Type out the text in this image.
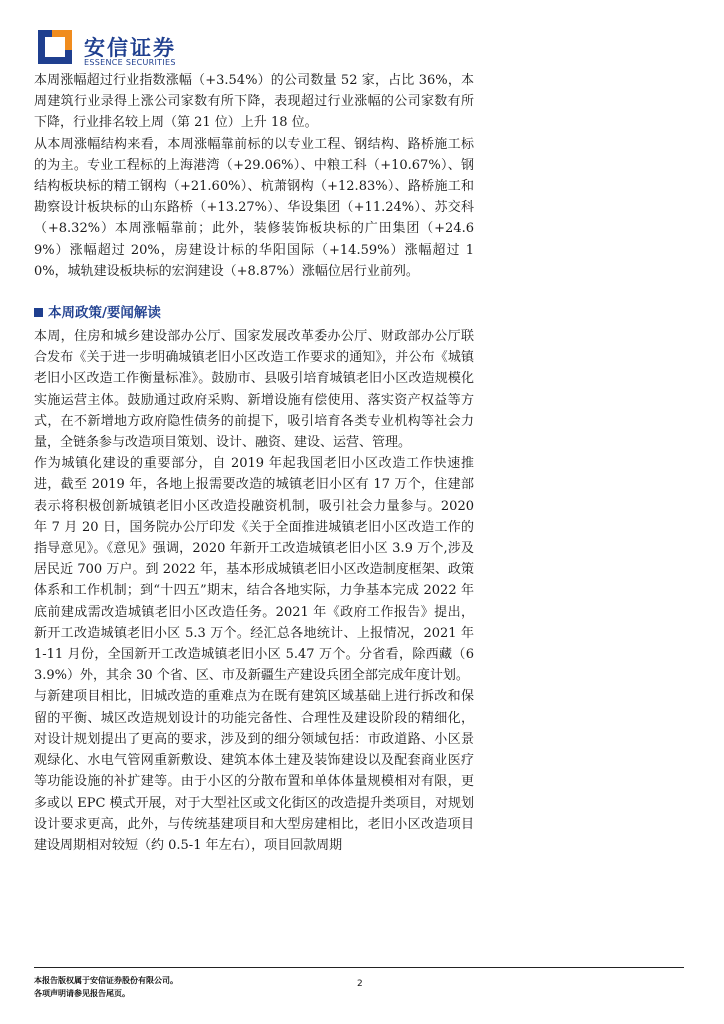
安信证券
ESSENCE SECURITIES

本周涨幅超过行业指数涨幅（+3.54%）的公司数量 52 家，占比 36%，本周建筑行业录得上涨公司家数有所下降，表现超过行业涨幅的公司家数有所下降，行业排名较上周（第 21 位）上升 18 位。

从本周涨幅结构来看，本周涨幅靠前标的以专业工程、钢结构、路桥施工标的为主。专业工程标的上海港湾（+29.06%）、中粮工科（+10.67%）、钢结构板块标的精工钢构（+21.60%）、杭萧钢构（+12.83%）、路桥施工和勘察设计板块标的山东路桥（+13.27%）、华设集团（+11.24%）、苏交科（+8.32%）本周涨幅靠前；此外，装修装饰板块标的广田集团（+24.69%）涨幅超过 20%，房建设计标的华阳国际（+14.59%）涨幅超过 10%，城轨建设板块标的宏润建设（+8.87%）涨幅位居行业前列。

本周政策/要闻解读

本周，住房和城乡建设部办公厅、国家发展改革委办公厅、财政部办公厅联合发布《关于进一步明确城镇老旧小区改造工作要求的通知》，并公布《城镇老旧小区改造工作衡量标准》。鼓励市、县吸引培育城镇老旧小区改造规模化实施运营主体。鼓励通过政府采购、新增设施有偿使用、落实资产权益等方式，在不新增地方政府隐性债务的前提下，吸引培育各类专业机构等社会力量，全链条参与改造项目策划、设计、融资、建设、运营、管理。

作为城镇化建设的重要部分，自 2019 年起我国老旧小区改造工作快速推进，截至 2019 年，各地上报需要改造的城镇老旧小区有 17 万个，住建部表示将积极创新城镇老旧小区改造投融资机制，吸引社会力量参与。2020 年 7 月 20 日，国务院办公厅印发《关于全面推进城镇老旧小区改造工作的指导意见》。《意见》强调，2020 年新开工改造城镇老旧小区 3.9 万个,涉及居民近 700 万户。到 2022 年，基本形成城镇老旧小区改造制度框架、政策体系和工作机制；到“十四五”期末，结合各地实际，力争基本完成 2022 年底前建成需改造城镇老旧小区改造任务。2021 年《政府工作报告》提出，新开工改造城镇老旧小区 5.3 万个。经汇总各地统计、上报情况，2021 年 1-11 月份，全国新开工改造城镇老旧小区 5.47 万个。分省看，除西藏（63.9%）外，其余 30 个省、区、市及新疆生产建设兵团全部完成年度计划。

与新建项目相比，旧城改造的重难点为在既有建筑区域基础上进行拆改和保留的平衡、城区改造规划设计的功能完备性、合理性及建设阶段的精细化，对设计规划提出了更高的要求，涉及到的细分领域包括：市政道路、小区景观绿化、水电气管网重新敷设、建筑本体土建及装饰建设以及配套商业医疗等功能设施的补扩建等。由于小区的分散布置和单体体量规模相对有限，更多或以 EPC 模式开展，对于大型社区或文化街区的改造提升类项目，对规划设计要求更高，此外，与传统基建项目和大型房建相比，老旧小区改造项目建设周期相对较短（约 0.5-1 年左右），项目回款周期

本报告版权属于安信证券股份有限公司。
各项声明请参见报告尾页。
2
